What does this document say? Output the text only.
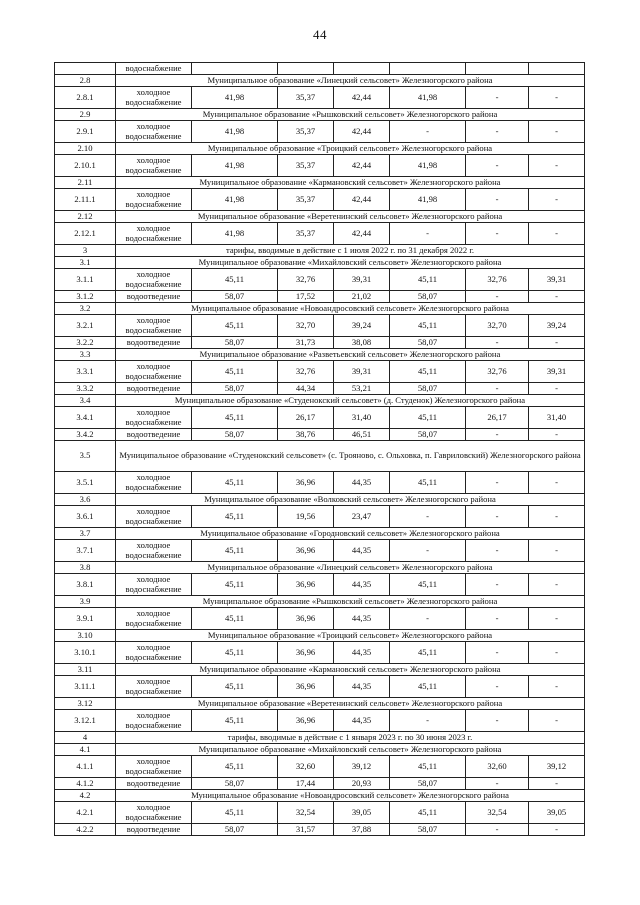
44
	водоснабжение						
2.8	Муниципальное образование «Линецкий сельсовет» Железногорского района						
2.8.1	холодное водоснабжение	41,98	35,37	42,44	41,98	-	-
2.9	Муниципальное образование «Рышковский сельсовет» Железногорского района						
2.9.1	холодное водоснабжение	41,98	35,37	42,44	-	-	-
2.10	Муниципальное образование «Троицкий сельсовет» Железногорского района						
2.10.1	холодное водоснабжение	41,98	35,37	42,44	41,98	-	-
2.11	Муниципальное образование «Кармановский сельсовет» Железногорского района						
2.11.1	холодное водоснабжение	41,98	35,37	42,44	41,98	-	-
2.12	Муниципальное образование «Веретенинский сельсовет» Железногорского района						
2.12.1	холодное водоснабжение	41,98	35,37	42,44	-	-	-
3	тарифы, вводимые в действие с 1 июля 2022 г. по 31 декабря 2022 г.						
3.1	Муниципальное образование «Михайловский сельсовет» Железногорского района						
3.1.1	холодное водоснабжение	45,11	32,76	39,31	45,11	32,76	39,31
3.1.2	водоотведение	58,07	17,52	21,02	58,07	-	-
3.2	Муниципальное образование «Новоандросовский сельсовет» Железногорского района						
3.2.1	холодное водоснабжение	45,11	32,70	39,24	45,11	32,70	39,24
3.2.2	водоотведение	58,07	31,73	38,08	58,07	-	-
3.3	Муниципальное образование «Разветьевский сельсовет» Железногорского района						
3.3.1	холодное водоснабжение	45,11	32,76	39,31	45,11	32,76	39,31
3.3.2	водоотведение	58,07	44,34	53,21	58,07	-	-
3.4	Муниципальное образование «Студенокский сельсовет» (д. Студенок) Железногорского района						
3.4.1	холодное водоснабжение	45,11	26,17	31,40	45,11	26,17	31,40
3.4.2	водоотведение	58,07	38,76	46,51	58,07	-	-
3.5	Муниципальное образование «Студенокский сельсовет» (с. Трояново, с. Ольховка, п. Гавриловский) Железногорского района						
3.5.1	холодное водоснабжение	45,11	36,96	44,35	45,11	-	-
3.6	Муниципальное образование «Волковский сельсовет» Железногорского района						
3.6.1	холодное водоснабжение	45,11	19,56	23,47	-	-	-
3.7	Муниципальное образование «Городновский сельсовет» Железногорского района						
3.7.1	холодное водоснабжение	45,11	36,96	44,35	-	-	-
3.8	Муниципальное образование «Линецкий сельсовет» Железногорского района						
3.8.1	холодное водоснабжение	45,11	36,96	44,35	45,11	-	-
3.9	Муниципальное образование «Рышковский сельсовет» Железногорского района						
3.9.1	холодное водоснабжение	45,11	36,96	44,35	-	-	-
3.10	Муниципальное образование «Троицкий сельсовет» Железногорского района						
3.10.1	холодное водоснабжение	45,11	36,96	44,35	45,11	-	-
3.11	Муниципальное образование «Кармановский сельсовет» Железногорского района						
3.11.1	холодное водоснабжение	45,11	36,96	44,35	45,11	-	-
3.12	Муниципальное образование «Веретенинский сельсовет» Железногорского района						
3.12.1	холодное водоснабжение	45,11	36,96	44,35	-	-	-
4	тарифы, вводимые в действие с 1 января 2023 г. по 30 июня 2023 г.						
4.1	Муниципальное образование «Михайловский сельсовет» Железногорского района						
4.1.1	холодное водоснабжение	45,11	32,60	39,12	45,11	32,60	39,12
4.1.2	водоотведение	58,07	17,44	20,93	58,07	-	-
4.2	Муниципальное образование «Новоандросовский сельсовет» Железногорского района						
4.2.1	холодное водоснабжение	45,11	32,54	39,05	45,11	32,54	39,05
4.2.2	водоотведение	58,07	31,57	37,88	58,07	-	-
